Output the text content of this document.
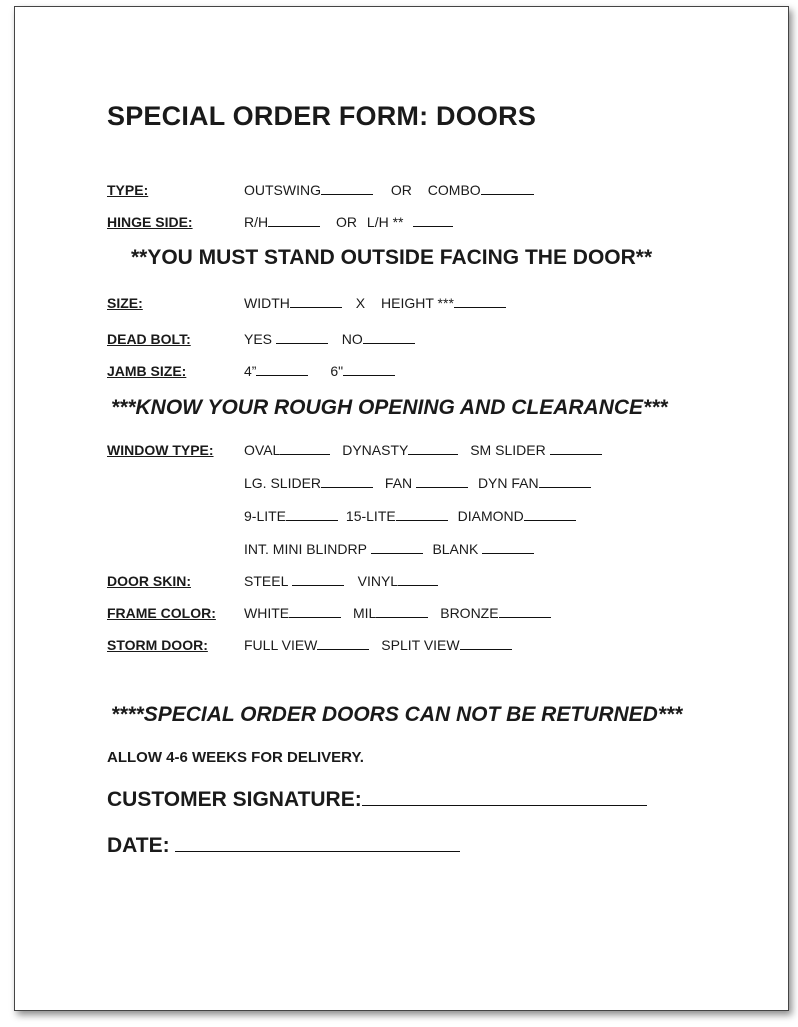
SPECIAL ORDER FORM: DOORS
TYPE:	OUTSWING	OR COMBO
HINGE SIDE:	R/H	OR L/H **
**YOU MUST STAND OUTSIDE FACING THE DOOR**
SIZE:	WIDTH	X HEIGHT ***
DEAD BOLT:	YES	NO
JAMB SIZE:	4”	6"
***KNOW YOUR ROUGH OPENING AND CLEARANCE***
WINDOW TYPE: OVAL	DYNASTY	SM SLIDER
LG. SLIDER	FAN	DYN FAN
9-LITE	15-LITE	DIAMOND
INT. MINI BLINDRP	BLANK
DOOR SKIN:	STEEL	VINYL
FRAME COLOR: WHITE	MIL	BRONZE
STORM DOOR:	FULL VIEW	SPLIT VIEW
****SPECIAL ORDER DOORS CAN NOT BE RETURNED***
ALLOW 4-6 WEEKS FOR DELIVERY.
CUSTOMER SIGNATURE:
DATE:
